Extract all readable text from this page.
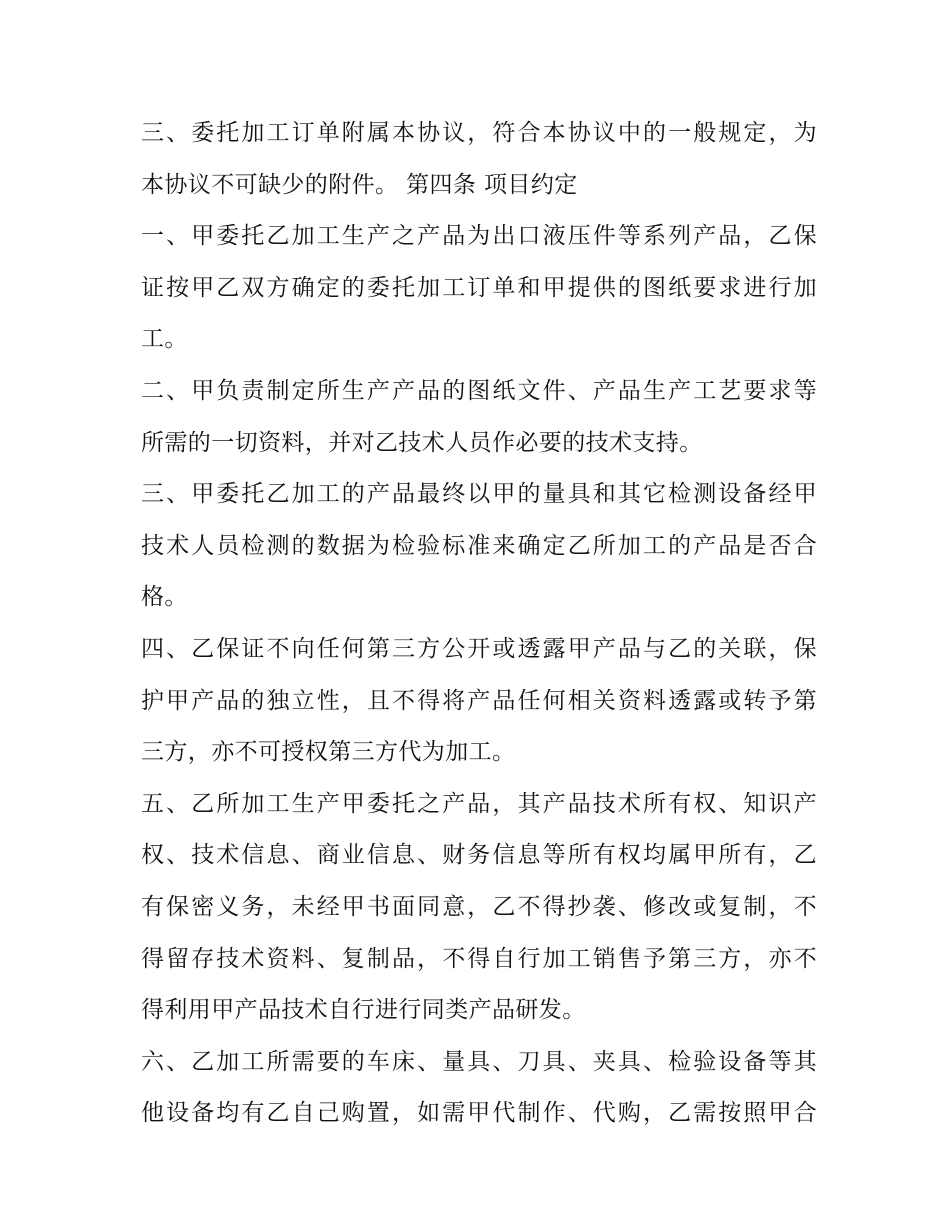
三、委托加工订单附属本协议，符合本协议中的一般规定，为
本协议不可缺少的附件。 第四条 项目约定
一、甲委托乙加工生产之产品为出口液压件等系列产品，乙保
证按甲乙双方确定的委托加工订单和甲提供的图纸要求进行加
工。
二、甲负责制定所生产产品的图纸文件、产品生产工艺要求等
所需的一切资料，并对乙技术人员作必要的技术支持。
三、甲委托乙加工的产品最终以甲的量具和其它检测设备经甲
技术人员检测的数据为检验标准来确定乙所加工的产品是否合
格。
四、乙保证不向任何第三方公开或透露甲产品与乙的关联，保
护甲产品的独立性，且不得将产品任何相关资料透露或转予第
三方，亦不可授权第三方代为加工。
五、乙所加工生产甲委托之产品，其产品技术所有权、知识产
权、技术信息、商业信息、财务信息等所有权均属甲所有，乙
有保密义务，未经甲书面同意，乙不得抄袭、修改或复制，不
得留存技术资料、复制品，不得自行加工销售予第三方，亦不
得利用甲产品技术自行进行同类产品研发。
六、乙加工所需要的车床、量具、刀具、夹具、检验设备等其
他设备均有乙自己购置，如需甲代制作、代购，乙需按照甲合
